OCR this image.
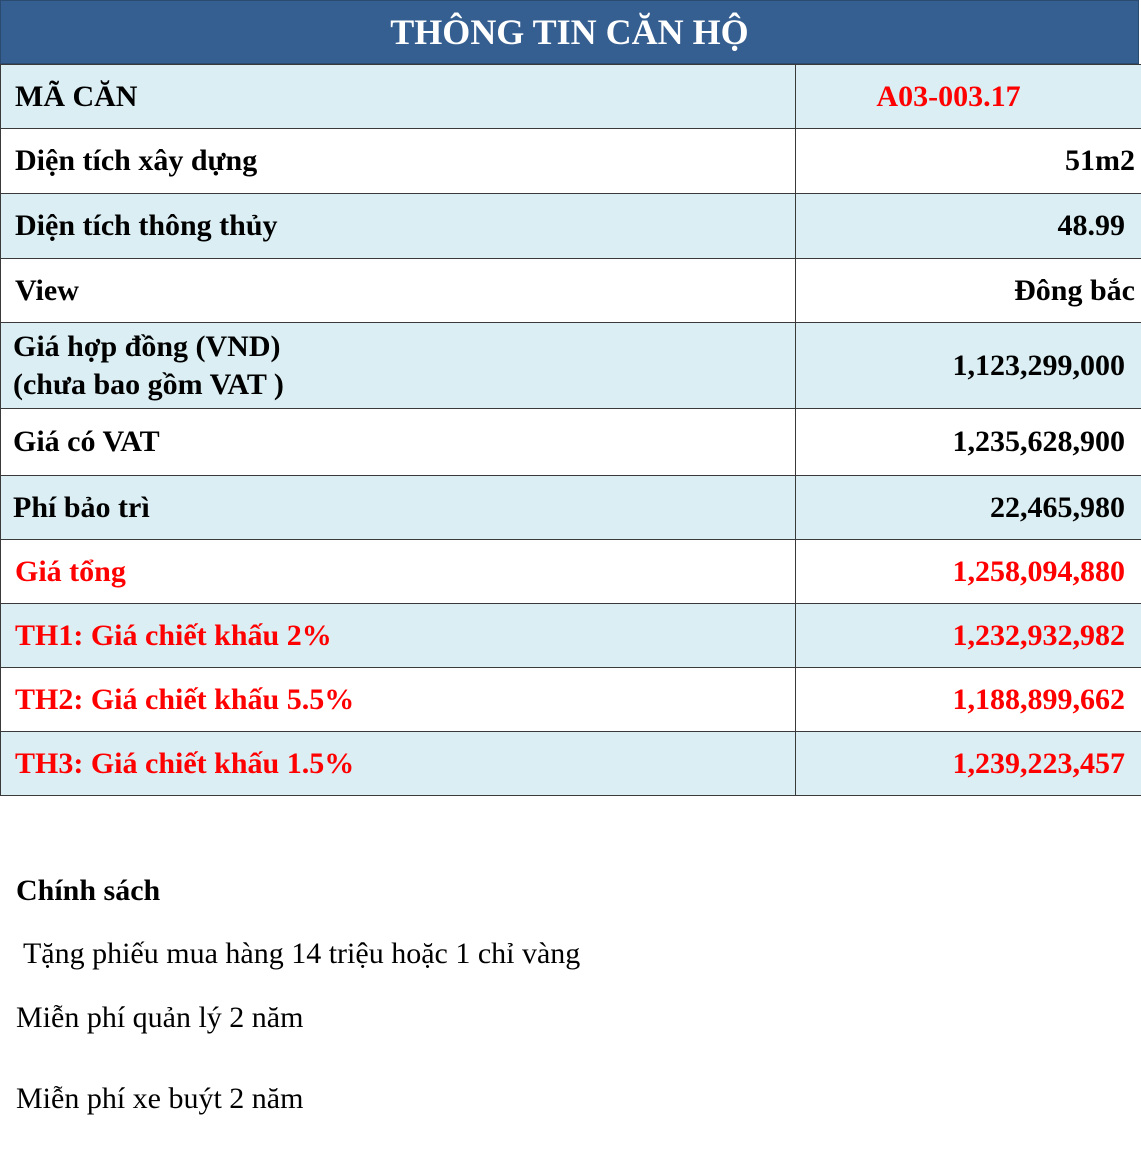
THÔNG TIN CĂN HỘ
MÃ CĂN	A03-003.17
Diện tích xây dựng	51m2
Diện tích thông thủy	48.99
View	Đông bắc

Giá hợp đồng (VND)
(chưa bao gồm VAT )	1,123,299,000
Giá có VAT	1,235,628,900
Phí bảo trì	22,465,980
Giá tổng	1,258,094,880
TH1: Giá chiết khấu 2%	1,232,932,982
TH2: Giá chiết khấu 5.5%	1,188,899,662
TH3: Giá chiết khấu 1.5%	1,239,223,457
Chính sách
Tặng phiếu mua hàng 14 triệu hoặc 1 chỉ vàng
Miễn phí quản lý 2 năm
Miễn phí xe buýt 2 năm
